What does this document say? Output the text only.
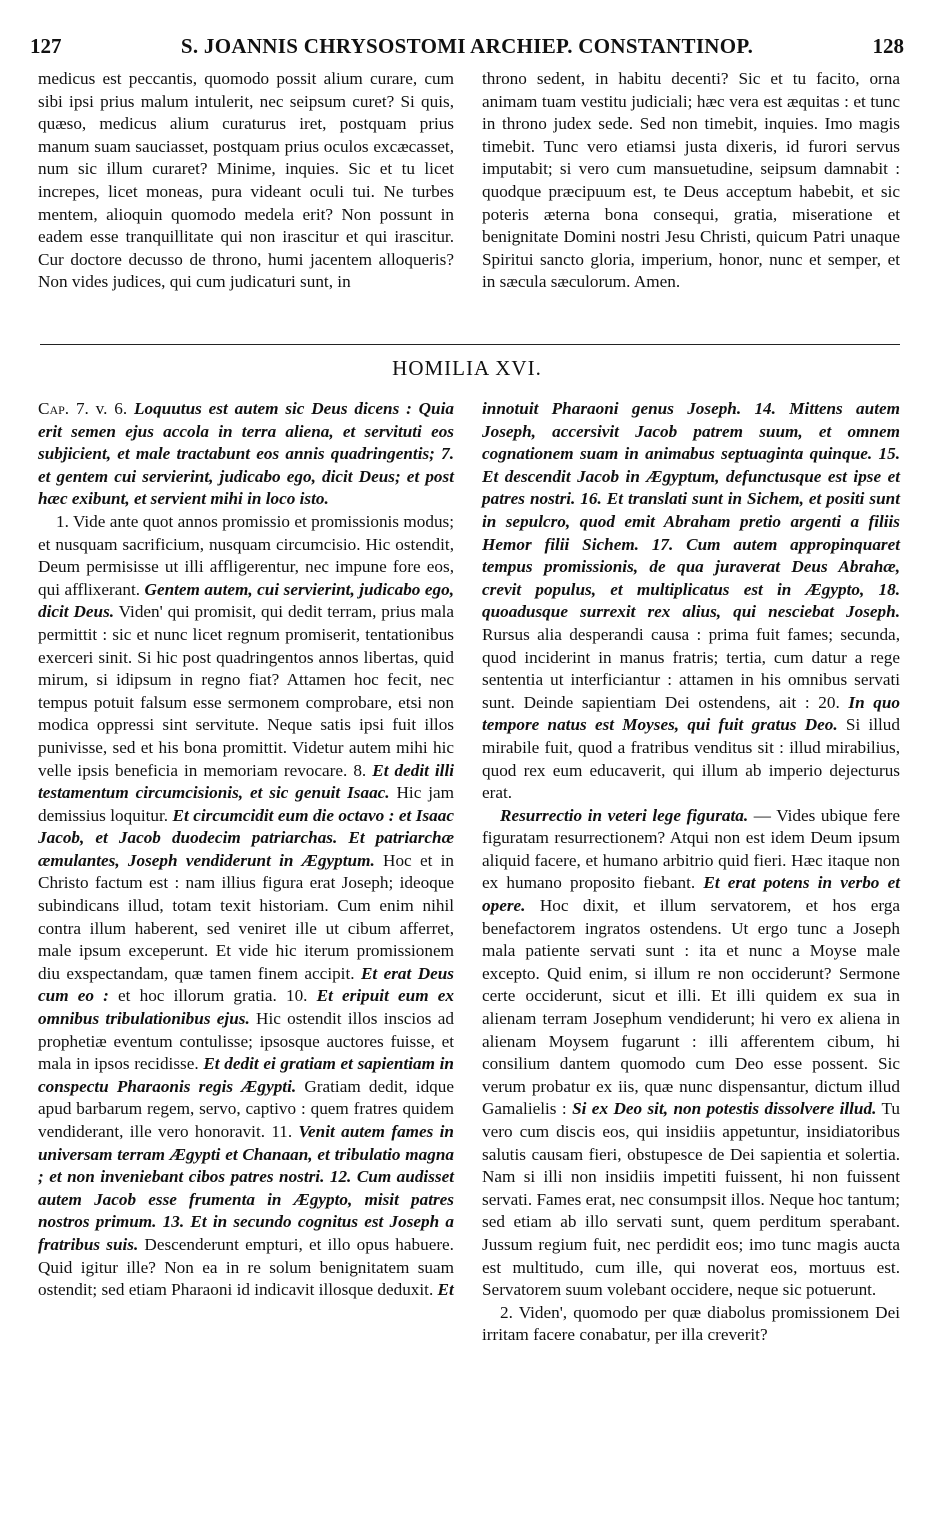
127	S. JOANNIS CHRYSOSTOMI ARCHIEP. CONSTANTINOP.	128

medicus est peccantis, quomodo possit alium curare, cum sibi ipsi prius malum intulerit, nec seipsum curet? Si quis, quæso, medicus alium curaturus iret, postquam prius manum suam sauciasset, postquam prius oculos excæcasset, num sic illum curaret? Minime, inquies. Sic et tu licet increpes, licet moneas, pura videant oculi tui. Ne turbes mentem, alioquin quomodo medela erit? Non possunt in eadem esse tranquillitate qui non irascitur et qui irascitur. Cur doctore decusso de throno, humi jacentem alloqueris? Non vides judices, qui cum judicaturi sunt, in

throno sedent, in habitu decenti? Sic et tu facito, orna animam tuam vestitu judiciali; hæc vera est æquitas : et tunc in throno judex sede. Sed non timebit, inquies. Imo magis timebit. Tunc vero etiamsi justa dixeris, id furori servus imputabit; si vero cum mansuetudine, seipsum damnabit : quodque præcipuum est, te Deus acceptum habebit, et sic poteris æterna bona consequi, gratia, miseratione et benignitate Domini nostri Jesu Christi, quicum Patri unaque Spiritui sancto gloria, imperium, honor, nunc et semper, et in sæcula sæculorum. Amen.

HOMILIA XVI.

Cap. 7. v. 6. Loquutus est autem sic Deus dicens : Quia erit semen ejus accola in terra aliena, et servituti eos subjicient, et male tractabunt eos annis quadringentis; 7. et gentem cui servierint, judicabo ego, dicit Deus; et post hæc exibunt, et servient mihi in loco isto.

1. Vide ante quot annos promissio et promissionis modus; et nusquam sacrificium, nusquam circumcisio. Hic ostendit, Deum permisisse ut illi affligerentur, nec impune fore eos, qui afflixerant. Gentem autem, cui servierint, judicabo ego, dicit Deus. Viden' qui promisit, qui dedit terram, prius mala permittit : sic et nunc licet regnum promiserit, tentationibus exerceri sinit. Si hic post quadringentos annos libertas, quid mirum, si idipsum in regno fiat? Attamen hoc fecit, nec tempus potuit falsum esse sermonem comprobare, etsi non modica oppressi sint servitute. Neque satis ipsi fuit illos punivisse, sed et his bona promittit. Videtur autem mihi hic velle ipsis beneficia in memoriam revocare. 8. Et dedit illi testamentum circumcisionis, et sic genuit Isaac. Hic jam demissius loquitur. Et circumcidit eum die octavo : et Isaac Jacob, et Jacob duodecim patriarchas. Et patriarchæ æmulantes, Joseph vendiderunt in Ægyptum. Hoc et in Christo factum est : nam illius figura erat Joseph; ideoque subindicans illud, totam texit historiam. Cum enim nihil contra illum haberent, sed veniret ille ut cibum afferret, male ipsum exceperunt. Et vide hic iterum promissionem diu exspectandam, quæ tamen finem accipit. Et erat Deus cum eo : et hoc illorum gratia. 10. Et eripuit eum ex omnibus tribulationibus ejus. Hic ostendit illos inscios ad prophetiæ eventum contulisse; ipsosque auctores fuisse, et mala in ipsos recidisse. Et dedit ei gratiam et sapientiam in conspectu Pharaonis regis Ægypti. Gratiam dedit, idque apud barbarum regem, servo, captivo : quem fratres quidem vendiderant, ille vero honoravit. 11. Venit autem fames in universam terram Ægypti et Chanaan, et tribulatio magna ; et non inveniebant cibos patres nostri. 12. Cum audisset autem Jacob esse frumenta in Ægypto, misit patres nostros primum. 13. Et in secundo cognitus est Joseph a fratribus suis. Descenderunt empturi, et illo opus habuere. Quid igitur ille? Non ea in re solum benignitatem suam ostendit; sed etiam Pharaoni id indicavit illosque deduxit. Et

innotuit Pharaoni genus Joseph. 14. Mittens autem Joseph, accersivit Jacob patrem suum, et omnem cognationem suam in animabus septuaginta quinque. 15. Et descendit Jacob in Ægyptum, defunctusque est ipse et patres nostri. 16. Et translati sunt in Sichem, et positi sunt in sepulcro, quod emit Abraham pretio argenti a filiis Hemor filii Sichem. 17. Cum autem appropinquaret tempus promissionis, de qua juraverat Deus Abrahæ, crevit populus, et multiplicatus est in Ægypto, 18. quoadusque surrexit rex alius, qui nesciebat Joseph. Rursus alia desperandi causa : prima fuit fames; secunda, quod inciderint in manus fratris; tertia, cum datur a rege sententia ut interficiantur : attamen in his omnibus servati sunt. Deinde sapientiam Dei ostendens, ait : 20. In quo tempore natus est Moyses, qui fuit gratus Deo. Si illud mirabile fuit, quod a fratribus venditus sit : illud mirabilius, quod rex eum educaverit, qui illum ab imperio dejecturus erat.

Resurrectio in veteri lege figurata. — Vides ubique fere figuratam resurrectionem? Atqui non est idem Deum ipsum aliquid facere, et humano arbitrio quid fieri. Hæc itaque non ex humano proposito fiebant. Et erat potens in verbo et opere. Hoc dixit, et illum servatorem, et hos erga benefactorem ingratos ostendens. Ut ergo tunc a Joseph mala patiente servati sunt : ita et nunc a Moyse male excepto. Quid enim, si illum re non occiderunt? Sermone certe occiderunt, sicut et illi. Et illi quidem ex sua in alienam terram Josephum vendiderunt; hi vero ex aliena in alienam Moysem fugarunt : illi afferentem cibum, hi consilium dantem quomodo cum Deo esse possent. Sic verum probatur ex iis, quæ nunc dispensantur, dictum illud Gamalielis : Si ex Deo sit, non potestis dissolvere illud. Tu vero cum discis eos, qui insidiis appetuntur, insidiatoribus salutis causam fieri, obstupesce de Dei sapientia et solertia. Nam si illi non insidiis impetiti fuissent, hi non fuissent servati. Fames erat, nec consumpsit illos. Neque hoc tantum; sed etiam ab illo servati sunt, quem perditum sperabant. Jussum regium fuit, nec perdidit eos; imo tunc magis aucta est multitudo, cum ille, qui noverat eos, mortuus est. Servatorem suum volebant occidere, neque sic potuerunt.

2. Viden', quomodo per quæ diabolus promissionem Dei irritam facere conabatur, per illa creverit?
